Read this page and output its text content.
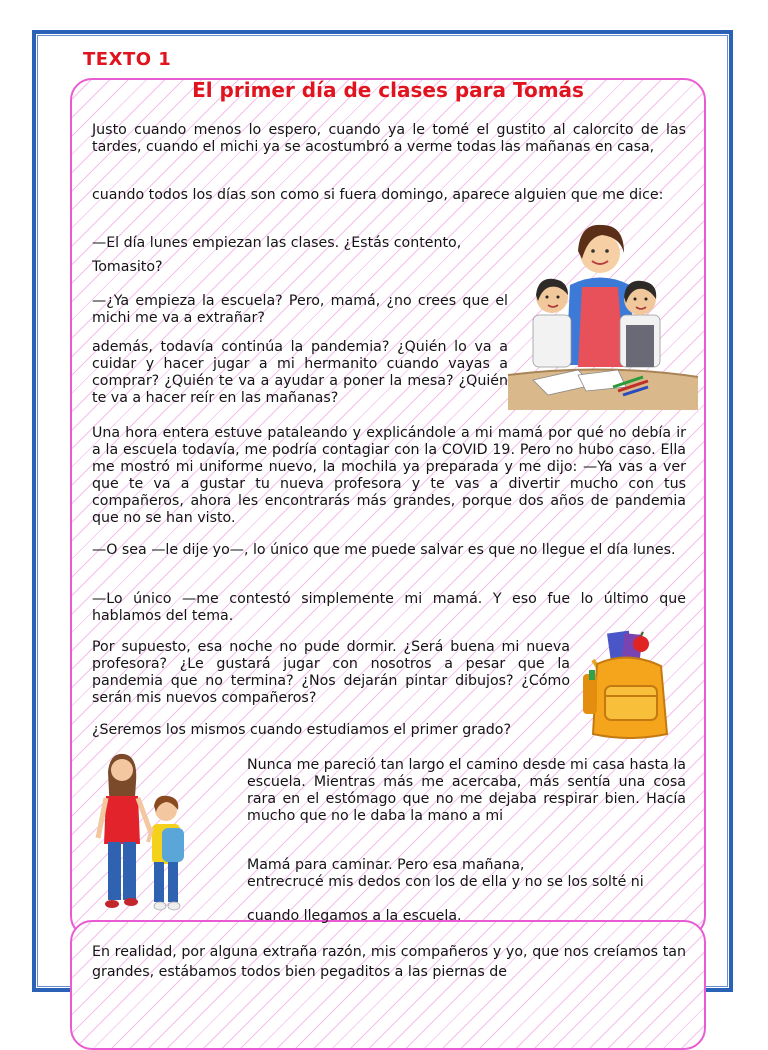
TEXTO 1
El primer día de clases para Tomás

Justo cuando menos lo espero, cuando ya le tomé el gustito al calorcito de las tardes, cuando el michi ya se acostumbró a verme todas las mañanas en casa,

cuando todos los días son como si fuera domingo, aparece alguien que me dice:

—El día lunes empiezan las clases. ¿Estás contento,

Tomasito?

—¿Ya empieza la escuela? Pero, mamá, ¿no crees que el michi me va a extrañar?

además, todavía continúa la pandemia? ¿Quién lo va a cuidar y hacer jugar a mi hermanito cuando vayas a comprar? ¿Quién te va a ayudar a poner la mesa? ¿Quién te va a hacer reír en las mañanas?

Una hora entera estuve pataleando y explicándole a mi mamá por qué no debía ir a la escuela todavía, me podría contagiar con la COVID 19. Pero no hubo caso. Ella me mostró mi uniforme nuevo, la mochila ya preparada y me dijo: —Ya vas a ver que te va a gustar tu nueva profesora y te vas a divertir mucho con tus compañeros, ahora les encontrarás más grandes, porque dos años de pandemia que no se han visto.

—O sea —le dije yo—, lo único que me puede salvar es que no llegue el día lunes.

—Lo único —me contestó simplemente mi mamá. Y eso fue lo último que hablamos del tema.

Por supuesto, esa noche no pude dormir. ¿Será buena mi nueva profesora? ¿Le gustará jugar con nosotros a pesar que la pandemia que no termina? ¿Nos dejarán pintar dibujos? ¿Cómo serán mis nuevos compañeros?

¿Seremos los mismos cuando estudiamos el primer grado?

Nunca me pareció tan largo el camino desde mi casa hasta la escuela. Mientras más me acercaba, más sentía una cosa rara en el estómago que no me dejaba respirar bien. Hacía mucho que no le daba la mano a mi

Mamá para caminar. Pero esa mañana,

entrecrucé mis dedos con los de ella y no se los solté ni

cuando llegamos a la escuela.

En realidad, por alguna extraña razón, mis compañeros y yo, que nos creíamos tan grandes, estábamos todos bien pegaditos a las piernas de
